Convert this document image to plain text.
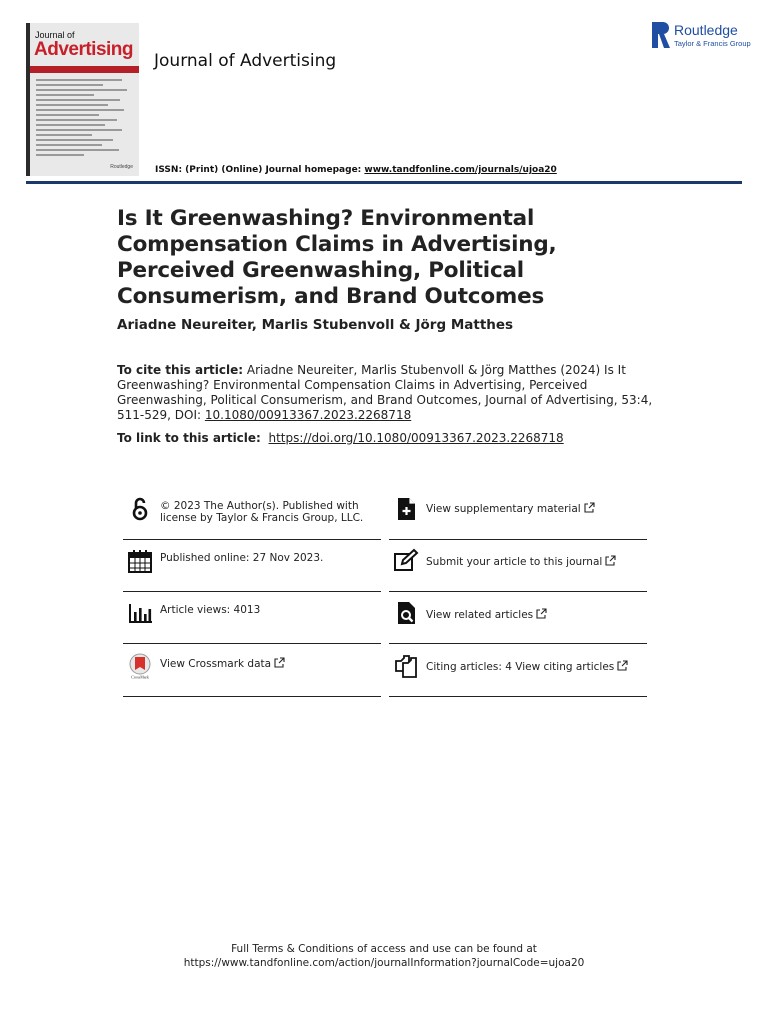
Journal of
Advertising
Routledge
Journal of Advertising
Routledge
Taylor & Francis Group
ISSN: (Print) (Online) Journal homepage: www.tandfonline.com/journals/ujoa20
Is It Greenwashing? Environmental Compensation Claims in Advertising, Perceived Greenwashing, Political Consumerism, and Brand Outcomes
Ariadne Neureiter, Marlis Stubenvoll & Jörg Matthes
To cite this article: Ariadne Neureiter, Marlis Stubenvoll & Jörg Matthes (2024) Is It Greenwashing? Environmental Compensation Claims in Advertising, Perceived Greenwashing, Political Consumerism, and Brand Outcomes, Journal of Advertising, 53:4, 511-529, DOI: 10.1080/00913367.2023.2268718
To link to this article: https://doi.org/10.1080/00913367.2023.2268718
© 2023 The Author(s). Published with license by Taylor & Francis Group, LLC.
Published online: 27 Nov 2023.
Article views: 4013
CrossMark
View Crossmark data
View supplementary material
Submit your article to this journal
View related articles
Citing articles: 4 View citing articles
Full Terms & Conditions of access and use can be found at
https://www.tandfonline.com/action/journalInformation?journalCode=ujoa20
